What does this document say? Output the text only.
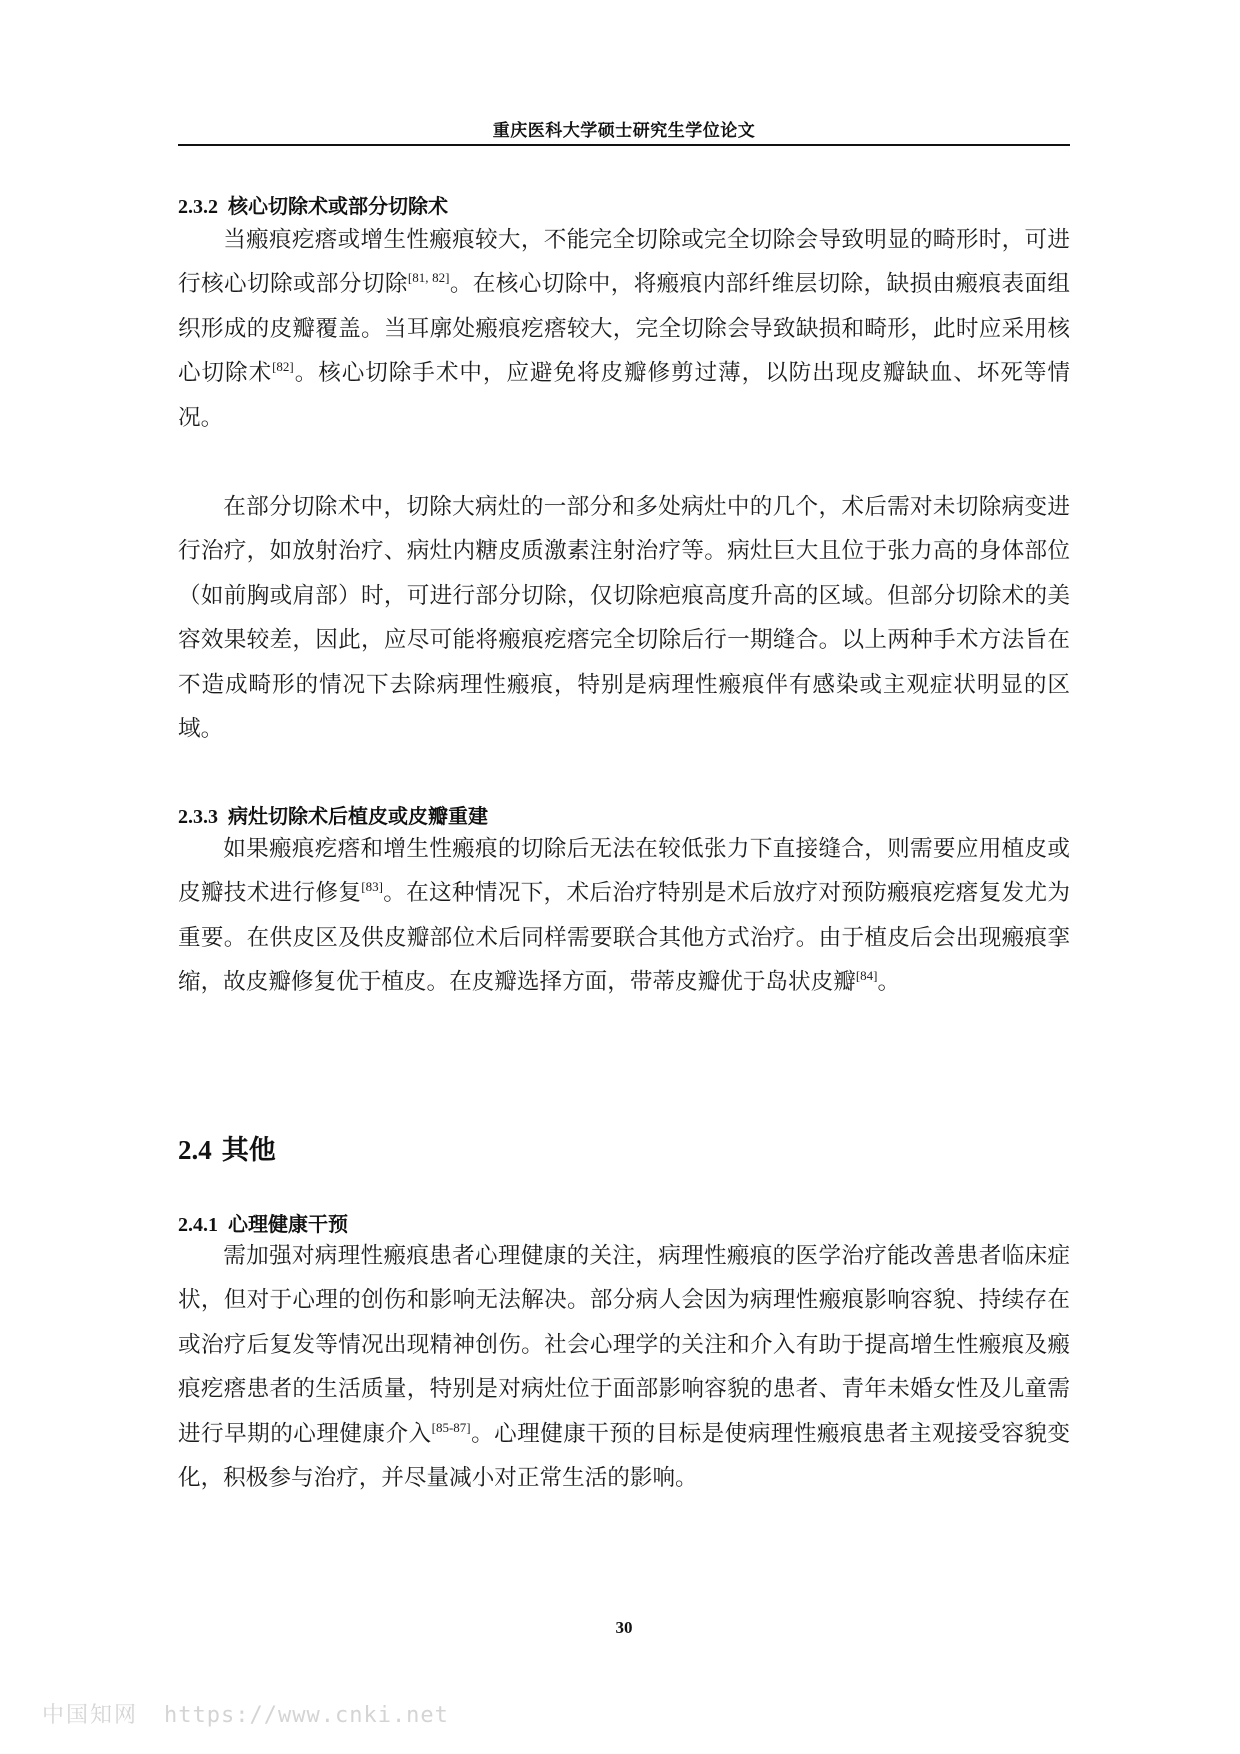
重庆医科大学硕士研究生学位论文
2.3.2 核心切除术或部分切除术

当瘢痕疙瘩或增生性瘢痕较大，不能完全切除或完全切除会导致明显的畸形时，可进行核心切除或部分切除[81, 82]。在核心切除中，将瘢痕内部纤维层切除，缺损由瘢痕表面组织形成的皮瓣覆盖。当耳廓处瘢痕疙瘩较大，完全切除会导致缺损和畸形，此时应采用核心切除术[82]。核心切除手术中，应避免将皮瓣修剪过薄，以防出现皮瓣缺血、坏死等情况。

在部分切除术中，切除大病灶的一部分和多处病灶中的几个，术后需对未切除病变进行治疗，如放射治疗、病灶内糖皮质激素注射治疗等。病灶巨大且位于张力高的身体部位（如前胸或肩部）时，可进行部分切除，仅切除疤痕高度升高的区域。但部分切除术的美容效果较差，因此，应尽可能将瘢痕疙瘩完全切除后行一期缝合。以上两种手术方法旨在不造成畸形的情况下去除病理性瘢痕，特别是病理性瘢痕伴有感染或主观症状明显的区域。

2.3.3 病灶切除术后植皮或皮瓣重建

如果瘢痕疙瘩和增生性瘢痕的切除后无法在较低张力下直接缝合，则需要应用植皮或皮瓣技术进行修复[83]。在这种情况下，术后治疗特别是术后放疗对预防瘢痕疙瘩复发尤为重要。在供皮区及供皮瓣部位术后同样需要联合其他方式治疗。由于植皮后会出现瘢痕挛缩，故皮瓣修复优于植皮。在皮瓣选择方面，带蒂皮瓣优于岛状皮瓣[84]。

2.4 其他
2.4.1 心理健康干预

需加强对病理性瘢痕患者心理健康的关注，病理性瘢痕的医学治疗能改善患者临床症状，但对于心理的创伤和影响无法解决。部分病人会因为病理性瘢痕影响容貌、持续存在或治疗后复发等情况出现精神创伤。社会心理学的关注和介入有助于提高增生性瘢痕及瘢痕疙瘩患者的生活质量，特别是对病灶位于面部影响容貌的患者、青年未婚女性及儿童需进行早期的心理健康介入[85-87]。心理健康干预的目标是使病理性瘢痕患者主观接受容貌变化，积极参与治疗，并尽量减小对正常生活的影响。

30
中国知网 https://www.cnki.net
